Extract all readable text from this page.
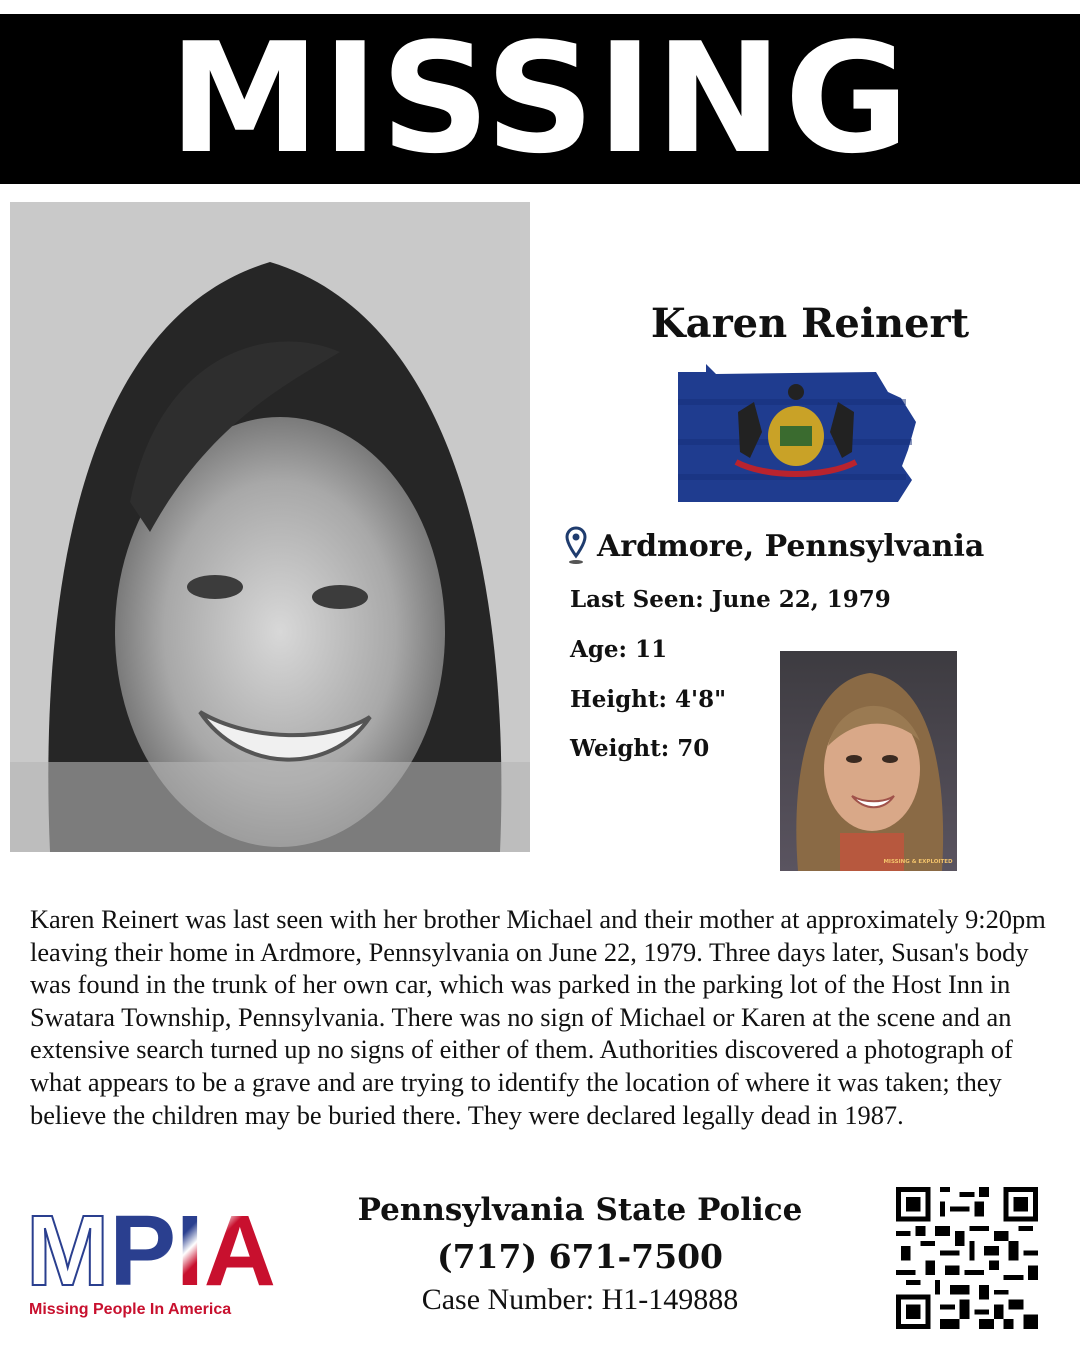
MISSING
Karen Reinert
Ardmore, Pennsylvania
Last Seen: June 22, 1979
Age: 11
Height: 4'8"
Weight: 70
MISSING & EXPLOITED

Karen Reinert was last seen with her brother Michael and their mother at approximately 9:20pm leaving their home in Ardmore, Pennsylvania on June 22, 1979. Three days later, Susan's body was found in the trunk of her own car, which was parked in the parking lot of the Host Inn in Swatara Township, Pennsylvania. There was no sign of Michael or Karen at the scene and an extensive search turned up no signs of either of them. Authorities discovered a photograph of what appears to be a grave and are trying to identify the location of where it was taken; they believe the children may be buried there. They were declared legally dead in 1987.

M PIA
Missing People In America
Pennsylvania State Police
(717) 671-7500
Case Number: H1-149888
